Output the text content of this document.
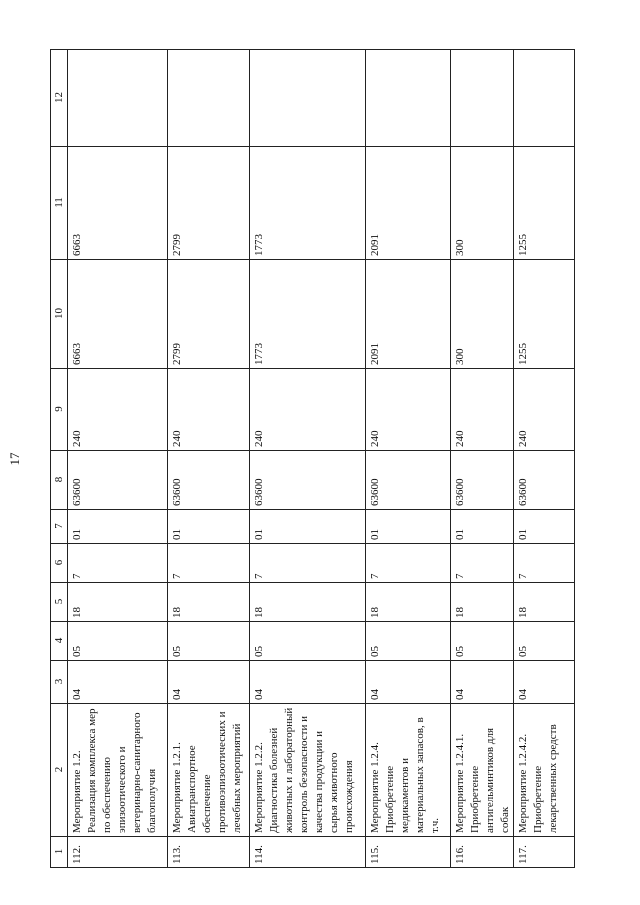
17
1	2	3	4	5	6	7	8	9	10	11	12
112.	Мероприятие 1.2. Реализация комплекса мер по обеспечению эпизоотического и ветеринарно-санитарного благополучия	04	05	18	7	01	63600	240	6663	6663	
113.	Мероприятие 1.2.1. Авиатранспортное обеспечение противоэпизоотических и лечебных мероприятий	04	05	18	7	01	63600	240	2799	2799	
114.	Мероприятие 1.2.2. Диагностика болезней животных и лабораторный контроль безопасности и качества продукции и сырья животного происхождения	04	05	18	7	01	63600	240	1773	1773	
115.	Мероприятие 1.2.4. Приобретение медикаментов и материальных запасов, в т.ч.	04	05	18	7	01	63600	240	2091	2091	
116.	Мероприятие 1.2.4.1. Приобретение антигельминтиков для собак	04	05	18	7	01	63600	240	300	300	
117.	Мероприятие 1.2.4.2. Приобретение лекарственных средств	04	05	18	7	01	63600	240	1255	1255	
